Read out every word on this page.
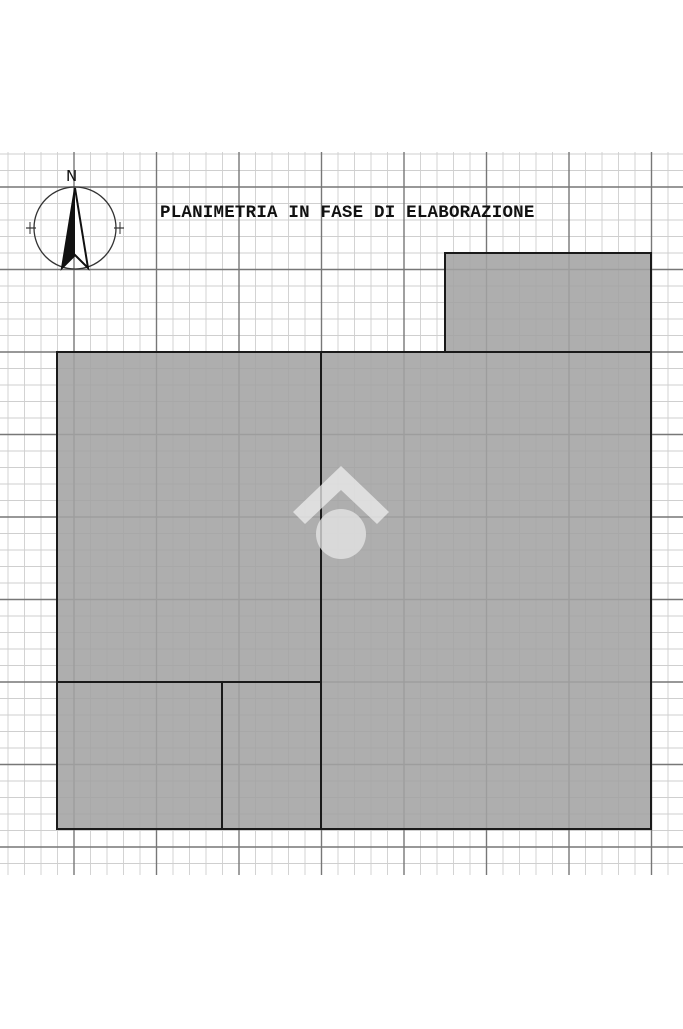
N
PLANIMETRIA IN FASE DI ELABORAZIONE
